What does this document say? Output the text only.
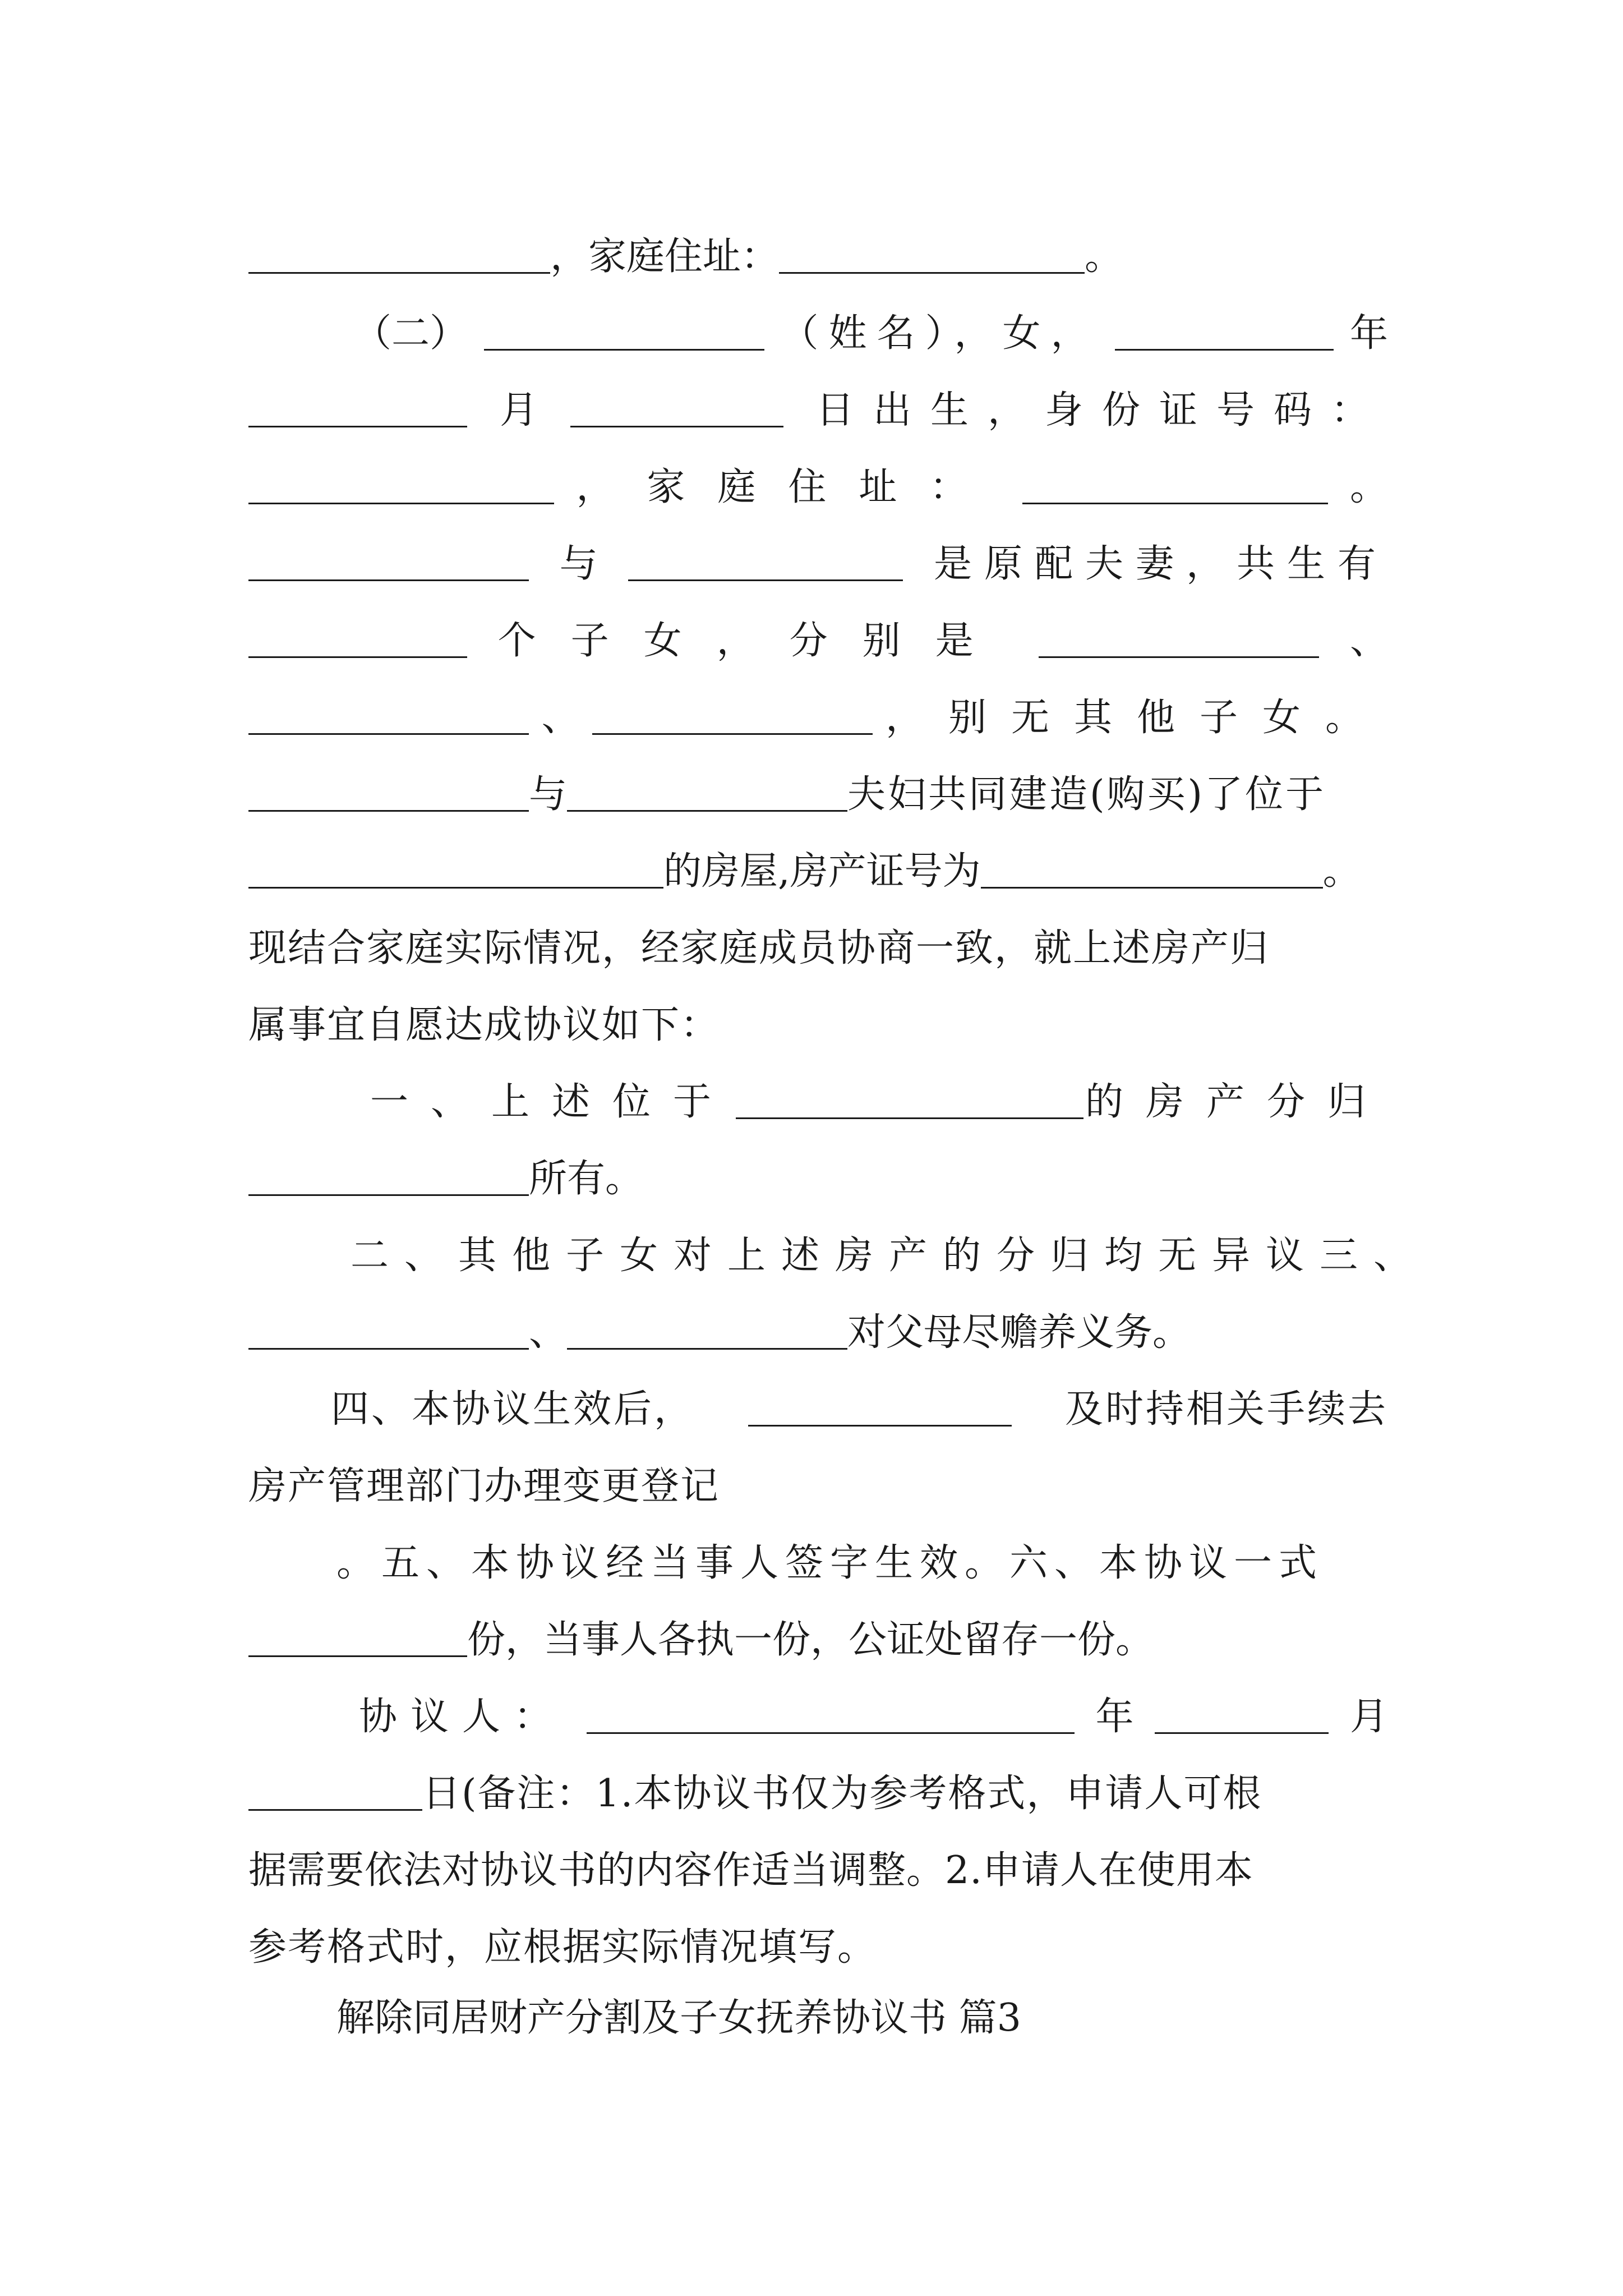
，家庭住址：	。
（二）	（姓名），女，	年
月	日出生，身份证号码：
，家庭住址：	。
与	是原配夫妻，共生有
个子女，分别是	、
、	，别无其他子女。
与	夫妇共同建造(购买)了位于
的房屋,房产证号为	。
现结合家庭实际情况，经家庭成员协商一致，就上述房产归
属事宜自愿达成协议如下：
一、上述位于	的房产分归
所有。
二、其他子女对上述房产的分归均无异议三、
、	对父母尽赡养义务。
四、本协议生效后，	及时持相关手续去
房产管理部门办理变更登记
。五、本协议经当事人签字生效。六、本协议一式
份，当事人各执一份，公证处留存一份。
协议人：	年	月
日(备注：1.本协议书仅为参考格式，申请人可根
据需要依法对协议书的内容作适当调整。2.申请人在使用本
参考格式时，应根据实际情况填写。
解除同居财产分割及子女抚养协议书 篇3
